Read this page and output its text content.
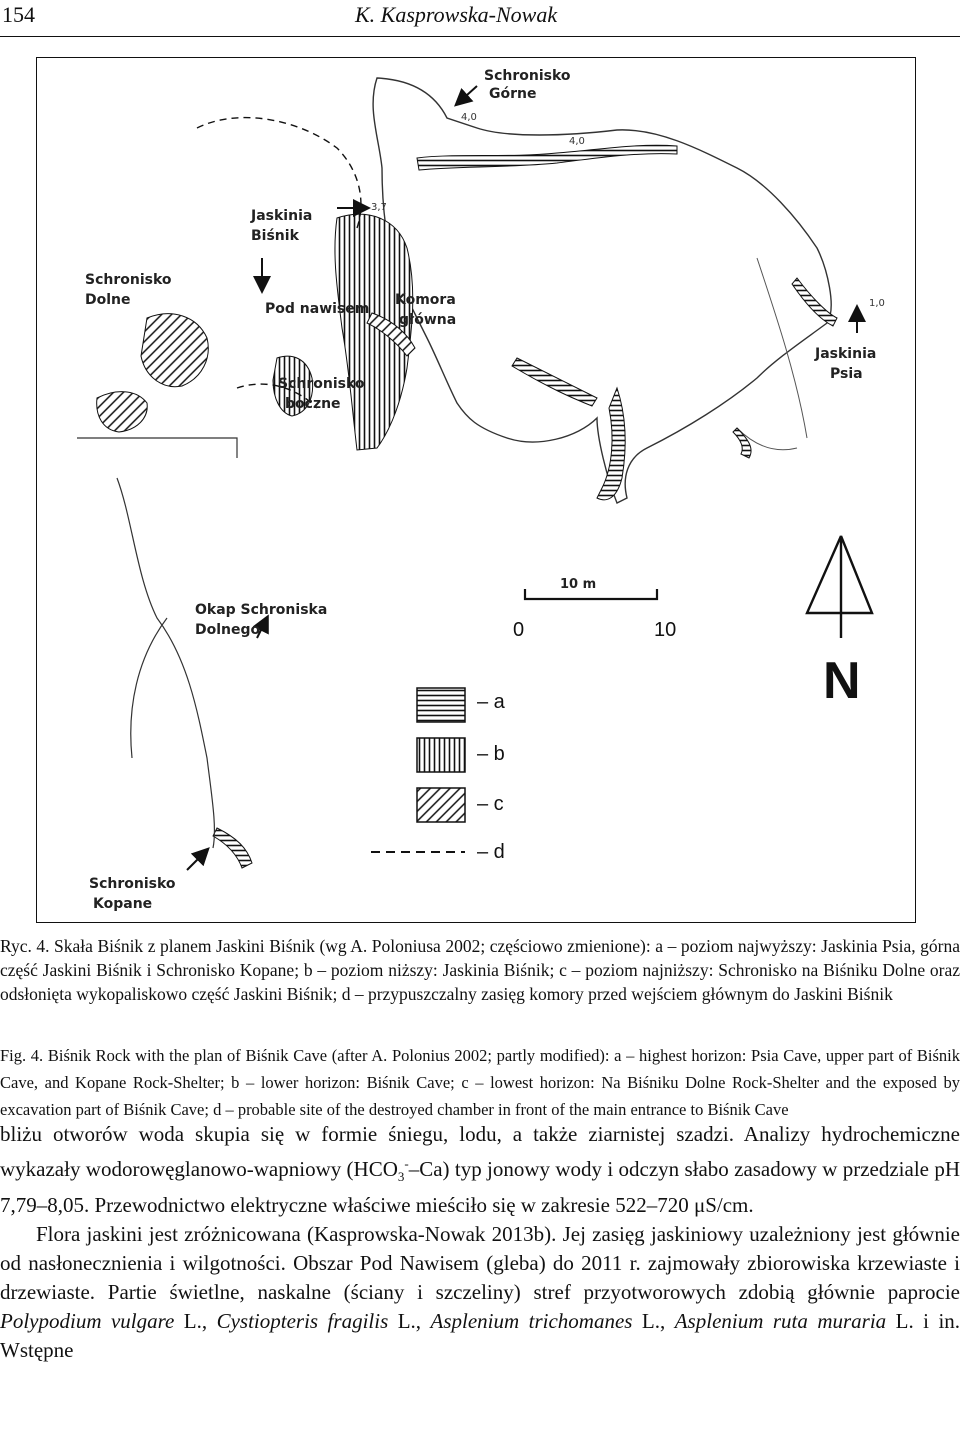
154	K. Kasprowska-Nowak
Schronisko
Górne
Jaskinia
Biśnik
Schronisko
Dolne
Pod nawisem
Komora
główna
Schronisko
boczne
Jaskinia
Psia
Okap Schroniska
Dolnego
Schronisko
Kopane
4,0
4,0
3,7
1,0
10 m
0	10
N
– a
– b
– c
– d
Ryc. 4. Skała Biśnik z planem Jaskini Biśnik (wg A. Poloniusa 2002; częściowo zmienione): a – poziom najwyższy: Jaskinia Psia, górna część Jaskini Biśnik i Schronisko Kopane; b – poziom niższy: Jaskinia Biśnik; c – poziom najniższy: Schronisko na Biśniku Dolne oraz odsłonięta wykopaliskowo część Jaskini Biśnik; d – przypuszczalny zasięg komory przed wejściem głównym do Jaskini Biśnik
Fig. 4. Biśnik Rock with the plan of Biśnik Cave (after A. Polonius 2002; partly modified): a – highest horizon: Psia Cave, upper part of Biśnik Cave, and Kopane Rock-Shelter; b – lower horizon: Biśnik Cave; c – lowest horizon: Na Biśniku Dolne Rock-Shelter and the exposed by excavation part of Biśnik Cave; d – probable site of the destroyed chamber in front of the main entrance to Biśnik Cave

bliżu otworów woda skupia się w formie śniegu, lodu, a także ziarnistej szadzi. Analizy hydrochemiczne wykazały wodorowęglanowo-wapniowy $(HCO_3^--Ca)$ typ jonowy wody i odczyn słabo zasadowy w przedziale pH 7,79–8,05. Przewodnictwo elektryczne właściwe mieściło się w zakresie 522–720 μS/cm.

Flora jaskini jest zróżnicowana (Kasprowska-Nowak 2013b). Jej zasięg jaskiniowy uzależniony jest głównie od nasłonecznienia i wilgotności. Obszar Pod Nawisem (gleba) do 2011 r. zajmowały zbiorowiska krzewiaste i drzewiaste. Partie świetlne, naskalne (ściany i szczeliny) stref przyotworowych zdobią głównie paprocie Polypodium vulgare L., Cystiopteris fragilis L., Asplenium trichomanes L., Asplenium ruta muraria L. i in. Wstępne
